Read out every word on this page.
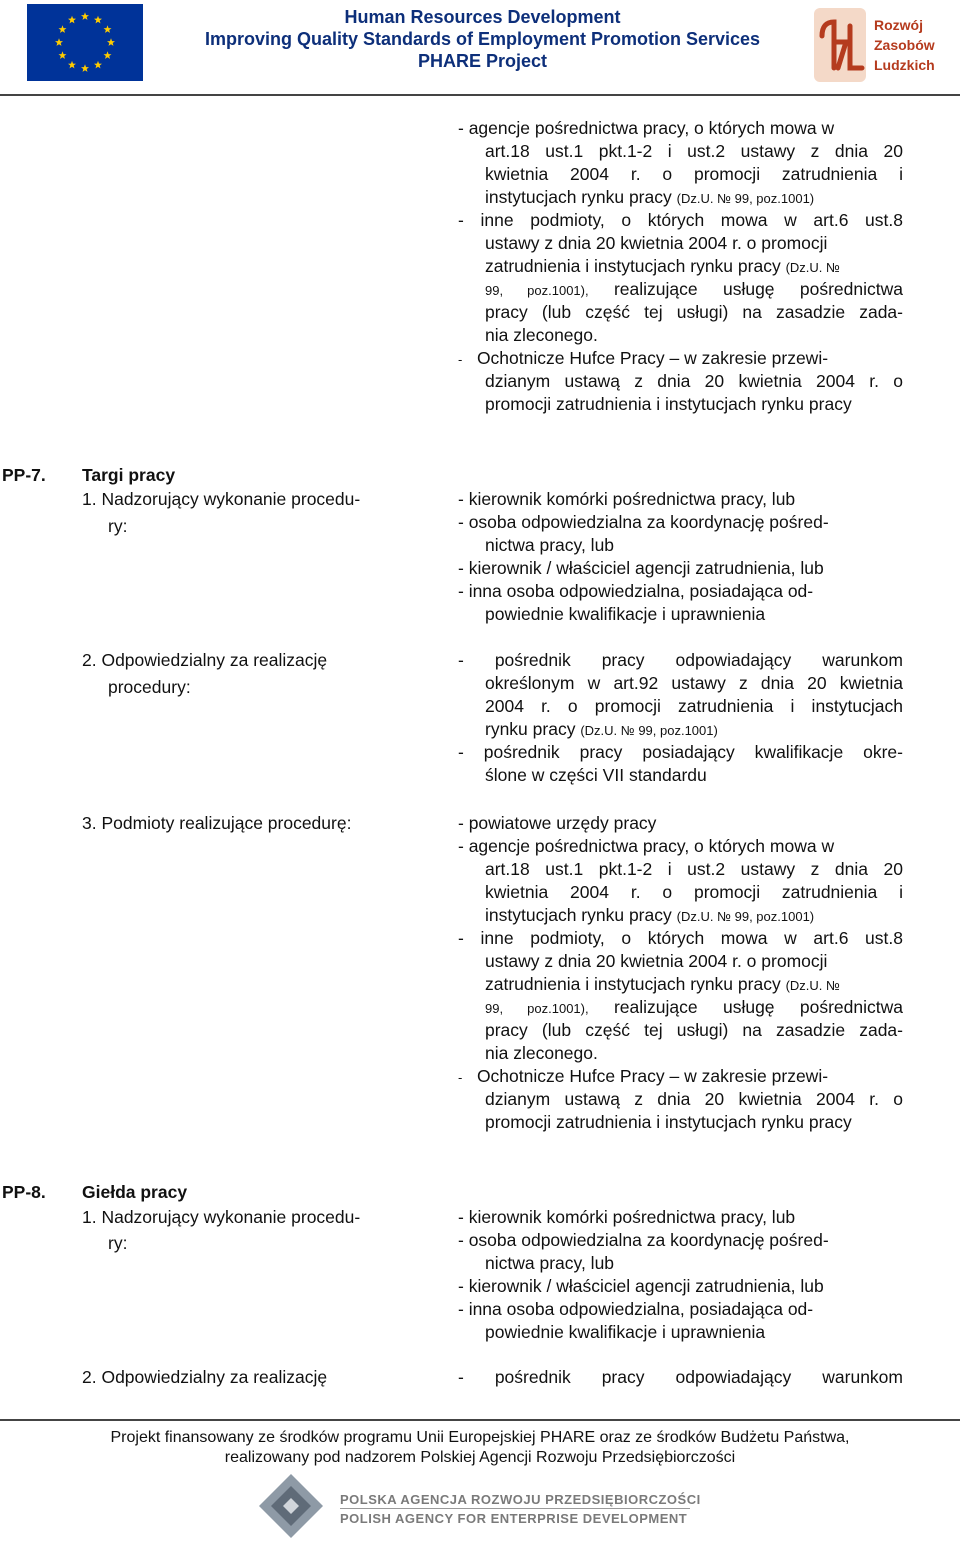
Human Resources Development
Improving Quality Standards of Employment Promotion Services
PHARE Project
Rozwój
Zasobów
Ludzkich
- agencje pośrednictwa pracy, o których mowa w
art.18 ust.1 pkt.1-2 i ust.2 ustawy z dnia 20
kwietnia 2004 r. o promocji zatrudnienia i
instytucjach rynku pracy (Dz.U. № 99, poz.1001)
- inne podmioty, o których mowa w art.6 ust.8
ustawy z dnia 20 kwietnia 2004 r. o promocji
zatrudnienia i instytucjach rynku pracy (Dz.U. №
99, poz.1001), realizujące usługę pośrednictwa
pracy (lub część tej usługi) na zasadzie zada-
nia zleconego.
- Ochotnicze Hufce Pracy – w zakresie przewi-
dzianym ustawą z dnia 20 kwietnia 2004 r. o
promocji zatrudnienia i instytucjach rynku pracy
PP-7. Targi pracy
1. Nadzorujący wykonanie procedu-
ry:
- kierownik komórki pośrednictwa pracy, lub
- osoba odpowiedzialna za koordynację pośred-
nictwa pracy, lub
- kierownik / właściciel agencji zatrudnienia, lub
- inna osoba odpowiedzialna, posiadająca od-
powiednie kwalifikacje i uprawnienia
2. Odpowiedzialny za realizację
procedury:
- pośrednik pracy odpowiadający warunkom
określonym w art.92 ustawy z dnia 20 kwietnia
2004 r. o promocji zatrudnienia i instytucjach
rynku pracy (Dz.U. № 99, poz.1001)
- pośrednik pracy posiadający kwalifikacje okre-
ślone w części VII standardu
3. Podmioty realizujące procedurę:	- powiatowe urzędy pracy
- agencje pośrednictwa pracy, o których mowa w
art.18 ust.1 pkt.1-2 i ust.2 ustawy z dnia 20
kwietnia 2004 r. o promocji zatrudnienia i
instytucjach rynku pracy (Dz.U. № 99, poz.1001)
- inne podmioty, o których mowa w art.6 ust.8
ustawy z dnia 20 kwietnia 2004 r. o promocji
zatrudnienia i instytucjach rynku pracy (Dz.U. №
99, poz.1001), realizujące usługę pośrednictwa
pracy (lub część tej usługi) na zasadzie zada-
nia zleconego.
- Ochotnicze Hufce Pracy – w zakresie przewi-
dzianym ustawą z dnia 20 kwietnia 2004 r. o
promocji zatrudnienia i instytucjach rynku pracy
PP-8. Giełda pracy
1. Nadzorujący wykonanie procedu-
ry:
- kierownik komórki pośrednictwa pracy, lub
- osoba odpowiedzialna za koordynację pośred-
nictwa pracy, lub
- kierownik / właściciel agencji zatrudnienia, lub
- inna osoba odpowiedzialna, posiadająca od-
powiednie kwalifikacje i uprawnienia
2. Odpowiedzialny za realizację	- pośrednik pracy odpowiadający warunkom
Projekt finansowany ze środków programu Unii Europejskiej PHARE oraz ze środków Budżetu Państwa,
realizowany pod nadzorem Polskiej Agencji Rozwoju Przedsiębiorczości
POLSKA AGENCJA ROZWOJU PRZEDSIĘBIORCZOŚCI
POLISH AGENCY FOR ENTERPRISE DEVELOPMENT
